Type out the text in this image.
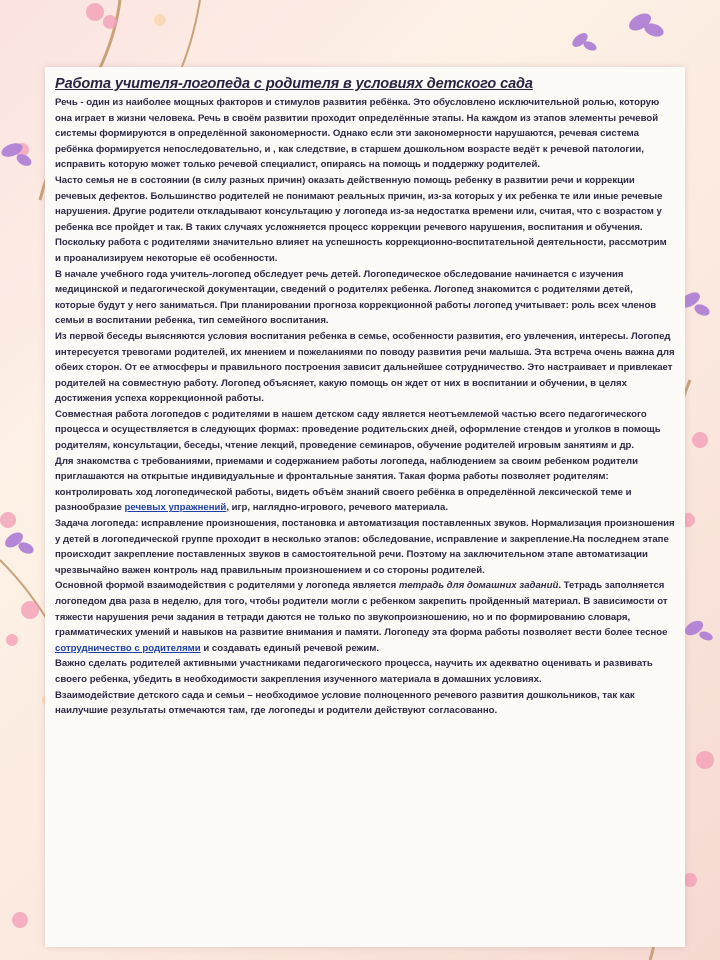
Работа учителя-логопеда с родителя в условиях детского сада

Речь - один из наиболее мощных факторов и стимулов развития ребёнка. Это обусловлено исключительной ролью, которую она играет в жизни человека. Речь в своём развитии проходит определённые этапы. На каждом из этапов элементы речевой системы формируются в определённой закономерности. Однако если эти закономерности нарушаются, речевая система ребёнка формируется непоследовательно, и , как следствие, в старшем дошкольном возрасте ведёт к речевой патологии, исправить которую может только речевой специалист, опираясь на помощь и поддержку родителей.

Часто семья не в состоянии (в силу разных причин) оказать действенную помощь ребенку в развитии речи и коррекции речевых дефектов. Большинство родителей не понимают реальных причин, из-за которых у их ребенка те или иные речевые нарушения. Другие родители откладывают консультацию у логопеда из-за недостатка времени или, считая, что с возрастом у ребенка все пройдет и так. В таких случаях усложняется процесс коррекции речевого нарушения, воспитания и обучения.

Поскольку работа с родителями значительно влияет на успешность коррекционно-воспитательной деятельности, рассмотрим и проанализируем некоторые её особенности.

В начале учебного года учитель-логопед обследует речь детей. Логопедическое обследование начинается с изучения медицинской и педагогической документации, сведений о родителях ребенка. Логопед знакомится с родителями детей, которые будут у него заниматься. При планировании прогноза коррекционной работы логопед учитывает: роль всех членов семьи в воспитании ребенка, тип семейного воспитания.

Из первой беседы выясняются условия воспитания ребенка в семье, особенности развития, его увлечения, интересы. Логопед интересуется тревогами родителей, их мнением и пожеланиями по поводу развития речи малыша. Эта встреча очень важна для обеих сторон. От ее атмосферы и правильного построения зависит дальнейшее сотрудничество. Это настраивает и привлекает родителей на совместную работу. Логопед объясняет, какую помощь он ждет от них в воспитании и обучении, в целях достижения успеха коррекционной работы.

Совместная работа логопедов с родителями в нашем детском саду является неотъемлемой частью всего педагогического процесса и осуществляется в следующих формах: проведение родительских дней, оформление стендов и уголков в помощь родителям, консультации, беседы, чтение лекций, проведение семинаров, обучение родителей игровым занятиям и др.

Для знакомства с требованиями, приемами и содержанием работы логопеда, наблюдением за своим ребенком родители приглашаются на открытые индивидуальные и фронтальные занятия. Такая форма работы позволяет родителям: контролировать ход логопедической работы, видеть объём знаний своего ребёнка в определённой лексической теме и разнообразие речевых упражнений, игр, наглядно-игрового, речевого материала.

Задача логопеда: исправление произношения, постановка и автоматизация поставленных звуков. Нормализация произношения у детей в логопедической группе проходит в несколько этапов: обследование, исправление и закрепление.На последнем этапе происходит закрепление поставленных звуков в самостоятельной речи. Поэтому на заключительном этапе автоматизации чрезвычайно важен контроль над правильным произношением и со стороны родителей.

Основной формой взаимодействия с родителями у логопеда является тетрадь для домашних заданий. Тетрадь заполняется логопедом два раза в неделю, для того, чтобы родители могли с ребенком закрепить пройденный материал. В зависимости от тяжести нарушения речи задания в тетради даются не только по звукопроизношению, но и по формированию словаря, грамматических умений и навыков на развитие внимания и памяти. Логопеду эта форма работы позволяет вести более тесное сотрудничество с родителями и создавать единый речевой режим.

Важно сделать родителей активными участниками педагогического процесса, научить их адекватно оценивать и развивать своего ребенка, убедить в необходимости закрепления изученного материала в домашних условиях.

Взаимодействие детского сада и семьи – необходимое условие полноценного речевого развития дошкольников, так как наилучшие результаты отмечаются там, где логопеды и родители действуют согласованно.
